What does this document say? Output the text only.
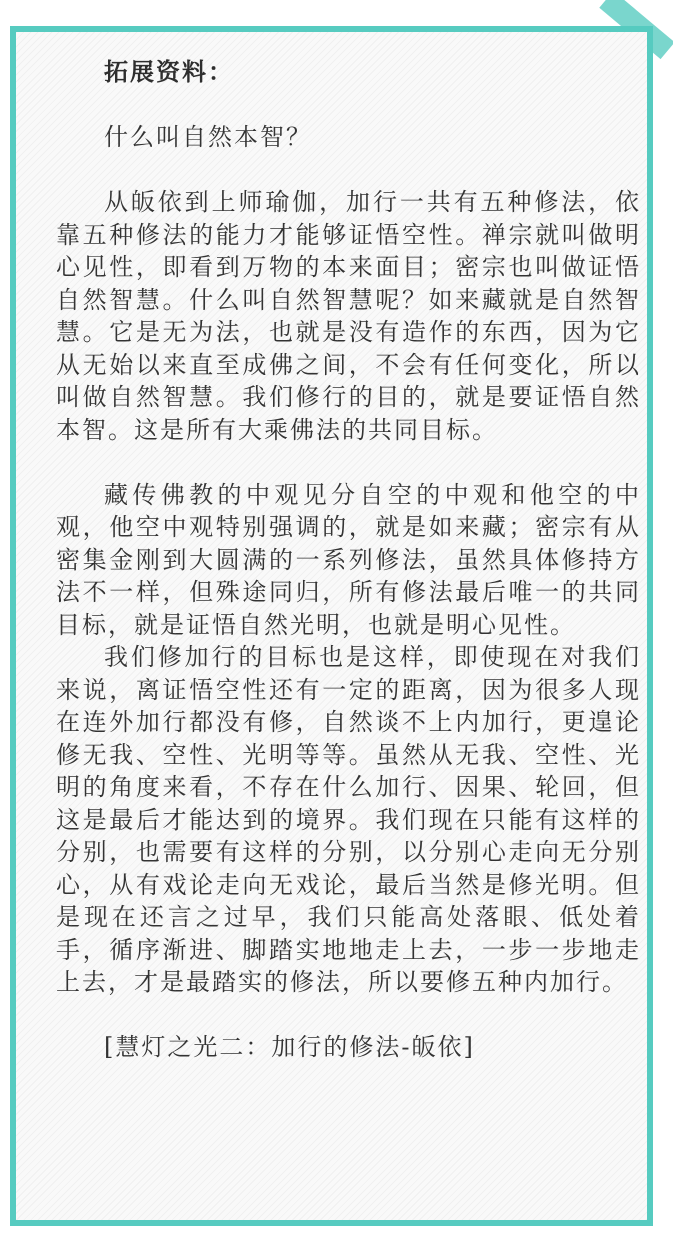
拓展资料：

什么叫自然本智？

从皈依到上师瑜伽，加行一共有五种修法，依靠五种修法的能力才能够证悟空性。禅宗就叫做明心见性，即看到万物的本来面目；密宗也叫做证悟自然智慧。什么叫自然智慧呢？如来藏就是自然智慧。它是无为法，也就是没有造作的东西，因为它从无始以来直至成佛之间，不会有任何变化，所以叫做自然智慧。我们修行的目的，就是要证悟自然本智。这是所有大乘佛法的共同目标。

藏传佛教的中观见分自空的中观和他空的中观，他空中观特别强调的，就是如来藏；密宗有从密集金刚到大圆满的一系列修法，虽然具体修持方法不一样，但殊途同归，所有修法最后唯一的共同目标，就是证悟自然光明，也就是明心见性。

我们修加行的目标也是这样，即使现在对我们来说，离证悟空性还有一定的距离，因为很多人现在连外加行都没有修，自然谈不上内加行，更遑论修无我、空性、光明等等。虽然从无我、空性、光明的角度来看，不存在什么加行、因果、轮回，但这是最后才能达到的境界。我们现在只能有这样的分别，也需要有这样的分别，以分别心走向无分别心，从有戏论走向无戏论，最后当然是修光明。但是现在还言之过早，我们只能高处落眼、低处着手，循序渐进、脚踏实地地走上去，一步一步地走上去，才是最踏实的修法，所以要修五种内加行。

[慧灯之光二：加行的修法-皈依]
